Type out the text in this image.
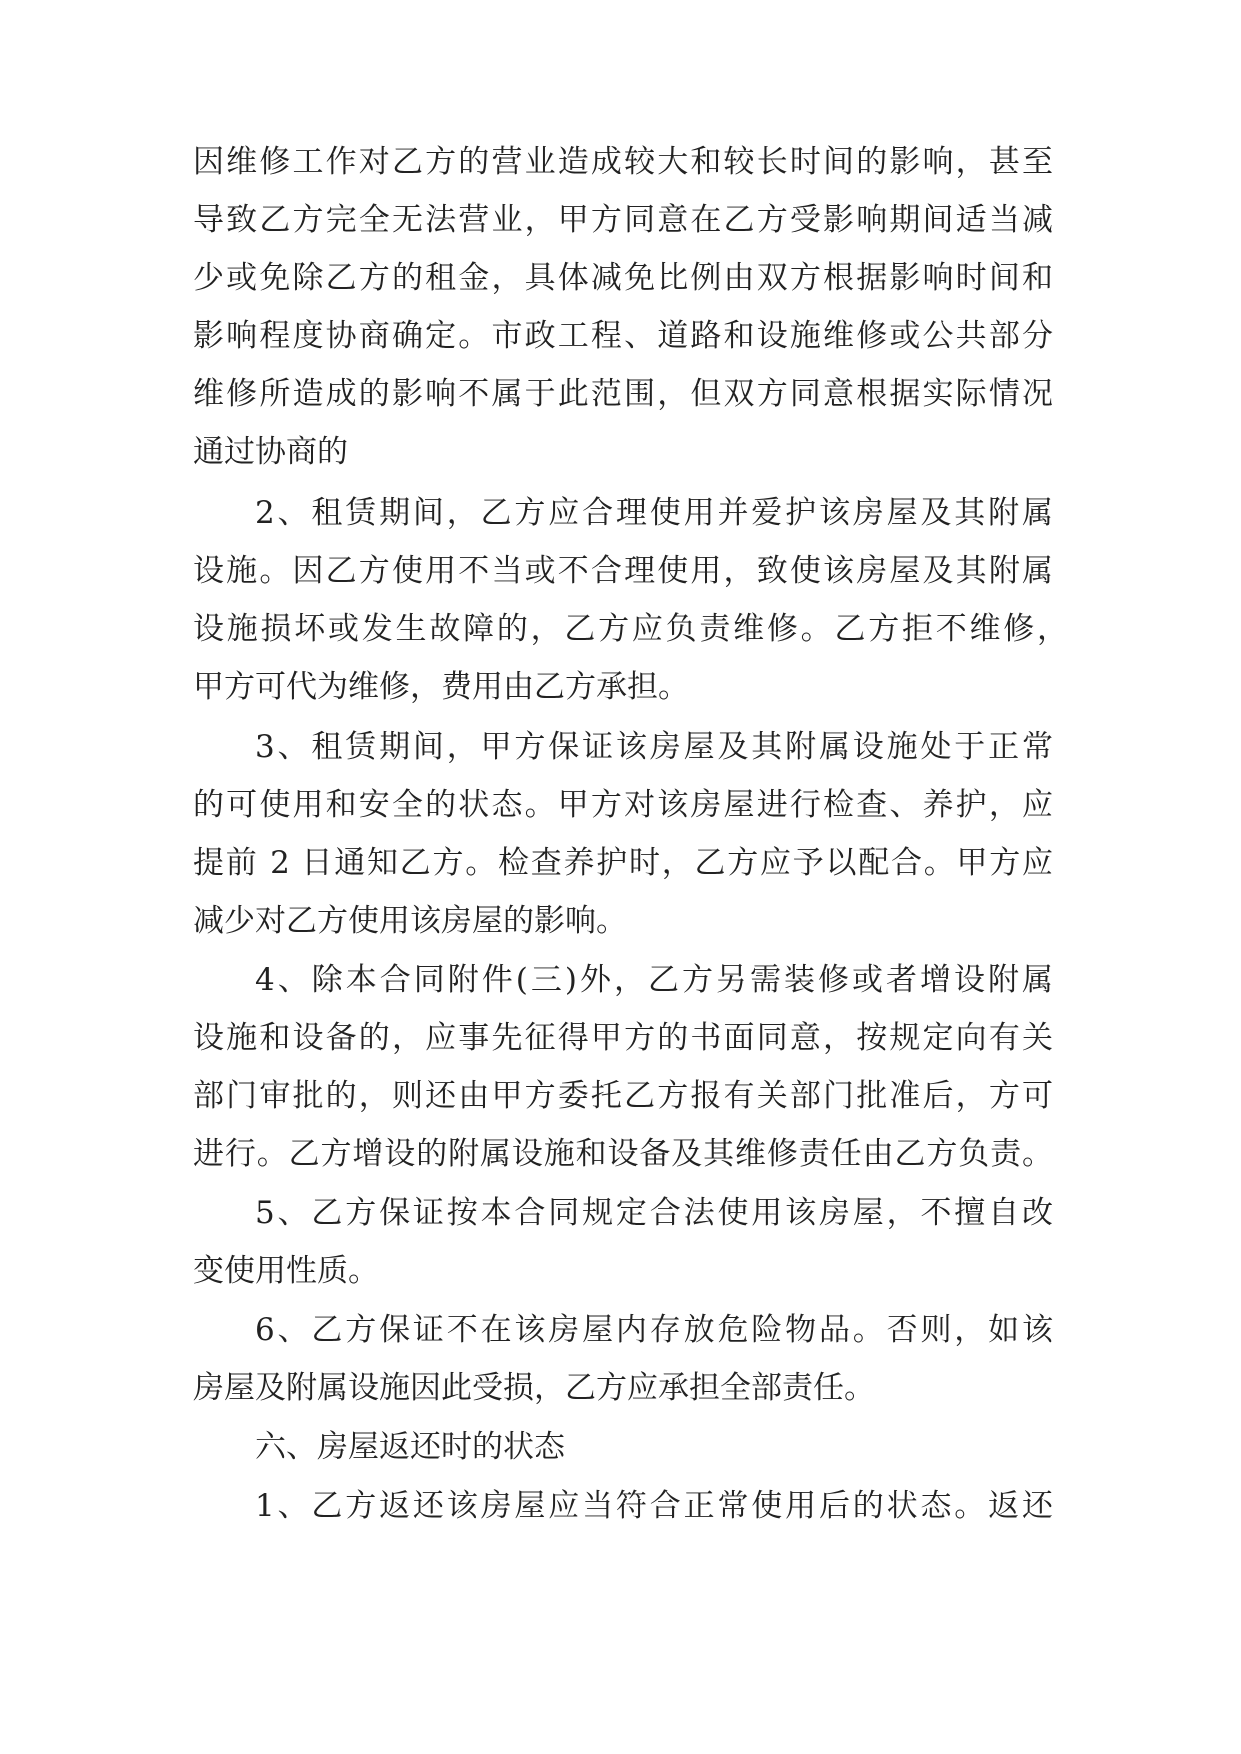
因维修工作对乙方的营业造成较大和较长时间的影响，甚至
导致乙方完全无法营业，甲方同意在乙方受影响期间适当减
少或免除乙方的租金，具体减免比例由双方根据影响时间和
影响程度协商确定。市政工程、道路和设施维修或公共部分
维修所造成的影响不属于此范围，但双方同意根据实际情况
通过协商的
2、租赁期间，乙方应合理使用并爱护该房屋及其附属
设施。因乙方使用不当或不合理使用，致使该房屋及其附属
设施损坏或发生故障的，乙方应负责维修。乙方拒不维修，
甲方可代为维修，费用由乙方承担。
3、租赁期间，甲方保证该房屋及其附属设施处于正常
的可使用和安全的状态。甲方对该房屋进行检查、养护，应
提前 2 日通知乙方。检查养护时，乙方应予以配合。甲方应
减少对乙方使用该房屋的影响。
4、除本合同附件(三)外，乙方另需装修或者增设附属
设施和设备的，应事先征得甲方的书面同意，按规定向有关
部门审批的，则还由甲方委托乙方报有关部门批准后，方可
进行。乙方增设的附属设施和设备及其维修责任由乙方负责。
5、乙方保证按本合同规定合法使用该房屋，不擅自改
变使用性质。
6、乙方保证不在该房屋内存放危险物品。否则，如该
房屋及附属设施因此受损，乙方应承担全部责任。
六、房屋返还时的状态
1、乙方返还该房屋应当符合正常使用后的状态。返还
